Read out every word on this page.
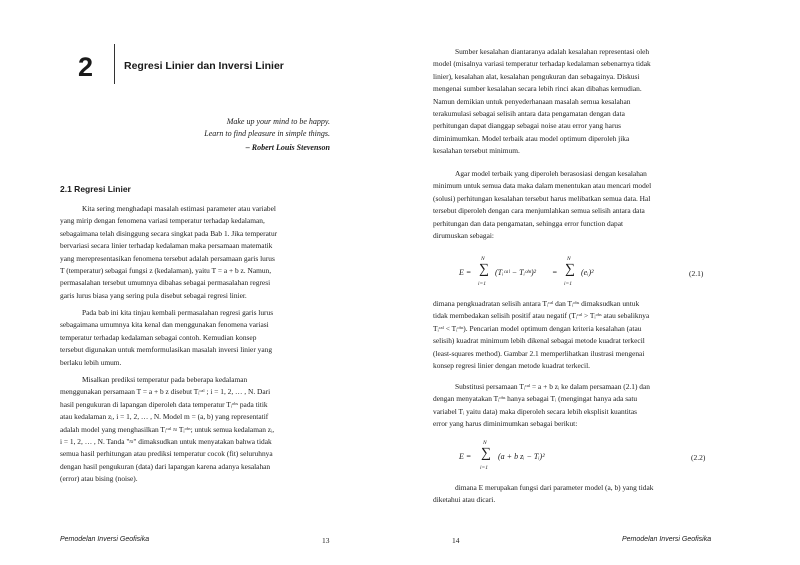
2	Regresi Linier dan Inversi Linier
Make up your mind to be happy.
Learn to find pleasure in simple things.
– Robert Louis Stevenson
2.1 Regresi Linier
Kita sering menghadapi masalah estimasi parameter atau variabel
yang mirip dengan fenomena variasi temperatur terhadap kedalaman,
sebagaimana telah disinggung secara singkat pada Bab 1. Jika temperatur
bervariasi secara linier terhadap kedalaman maka persamaan matematik
yang merepresentasikan fenomena tersebut adalah persamaan garis lurus
T (temperatur) sebagai fungsi z (kedalaman), yaitu T = a + b z. Namun,
permasalahan tersebut umumnya dibahas sebagai permasalahan regresi
garis lurus biasa yang sering pula disebut sebagai regresi linier.
Pada bab ini kita tinjau kembali permasalahan regresi garis lurus
sebagaimana umumnya kita kenal dan menggunakan fenomena variasi
temperatur terhadap kedalaman sebagai contoh. Kemudian konsep
tersebut digunakan untuk memformulasikan masalah inversi linier yang
berlaku lebih umum.
Misalkan prediksi temperatur pada beberapa kedalaman
menggunakan persamaan T = a + b z disebut Tᵢᶜᵃˡ ; i = 1, 2, … , N. Dari
hasil pengukuran di lapangan diperoleh data temperatur Tᵢᵒᵇˢ pada titik
atau kedalaman zᵢ, i = 1, 2, … , N. Model m = (a, b) yang representatif
adalah model yang menghasilkan Tᵢᶜᵃˡ ≈ Tᵢᵒᵇˢ; untuk semua kedalaman zᵢ,
i = 1, 2, … , N. Tanda "≈" dimaksudkan untuk menyatakan bahwa tidak
semua hasil perhitungan atau prediksi temperatur cocok (fit) seluruhnya
dengan hasil pengukuran (data) dari lapangan karena adanya kesalahan
(error) atau bising (noise).
Pemodelan Inversi Geofisika	13
Sumber kesalahan diantaranya adalah kesalahan representasi oleh
model (misalnya variasi temperatur terhadap kedalaman sebenarnya tidak
linier), kesalahan alat, kesalahan pengukuran dan sebagainya. Diskusi
mengenai sumber kesalahan secara lebih rinci akan dibahas kemudian.
Namun demikian untuk penyederhanaan masalah semua kesalahan
terakumulasi sebagai selisih antara data pengamatan dengan data
perhitungan dapat dianggap sebagai noise atau error yang harus
diminimumkan. Model terbaik atau model optimum diperoleh jika
kesalahan tersebut minimum.
Agar model terbaik yang diperoleh berasosiasi dengan kesalahan
minimum untuk semua data maka dalam menentukan atau mencari model
(solusi) perhitungan kesalahan tersebut harus melibatkan semua data. Hal
tersebut diperoleh dengan cara menjumlahkan semua selisih antara data
perhitungan dan data pengamatan, sehingga error function dapat
dirumuskan sebagai:
E =
N
∑
i=1
(Tᵢᶜᵃˡ − Tᵢᵒᵇˢ)² =
N
∑
i=1
(eᵢ)²	(2.1)
dimana pengkuadratan selisih antara Tᵢᶜᵃˡ dan Tᵢᵒᵇˢ dimaksudkan untuk
tidak membedakan selisih positif atau negatif (Tᵢᶜᵃˡ > Tᵢᵒᵇˢ atau sebaliknya
Tᵢᶜᵃˡ < Tᵢᵒᵇˢ). Pencarian model optimum dengan kriteria kesalahan (atau
selisih) kuadrat minimum lebih dikenal sebagai metode kuadrat terkecil
(least-squares method). Gambar 2.1 memperlihatkan ilustrasi mengenai
konsep regresi linier dengan metode kuadrat terkecil.
Substitusi persamaan Tᵢᶜᵃˡ = a + b zᵢ ke dalam persamaan (2.1) dan
dengan menyatakan Tᵢᵒᵇˢ hanya sebagai Tᵢ (mengingat hanya ada satu
variabel Tᵢ yaitu data) maka diperoleh secara lebih eksplisit kuantitas
error yang harus diminimumkan sebagai berikut:
E =
N
∑
i=1
(a + b zᵢ − Tᵢ)²	(2.2)
dimana E merupakan fungsi dari parameter model (a, b) yang tidak
diketahui atau dicari.
14	Pemodelan Inversi Geofisika
